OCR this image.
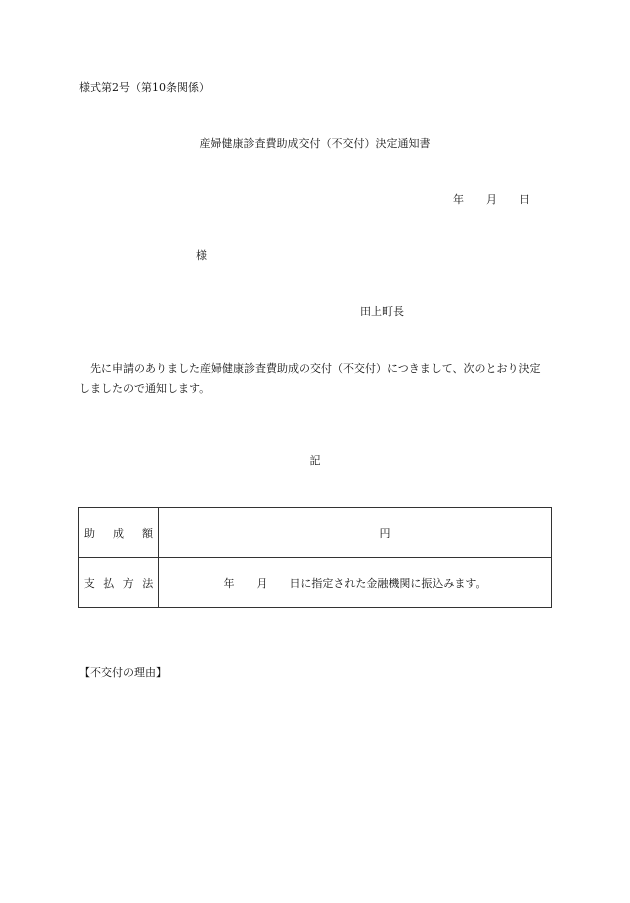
様式第2号（第10条関係）
産婦健康診査費助成交付（不交付）決定通知書
年 月 日
様
田上町長
先に申請のありました産婦健康診査費助成の交付（不交付）につきまして、次のとおり決定しましたので通知します。
記
助 成 額	円
支 払 方 法	年 月 日に指定された金融機関に振込みます。
【不交付の理由】
